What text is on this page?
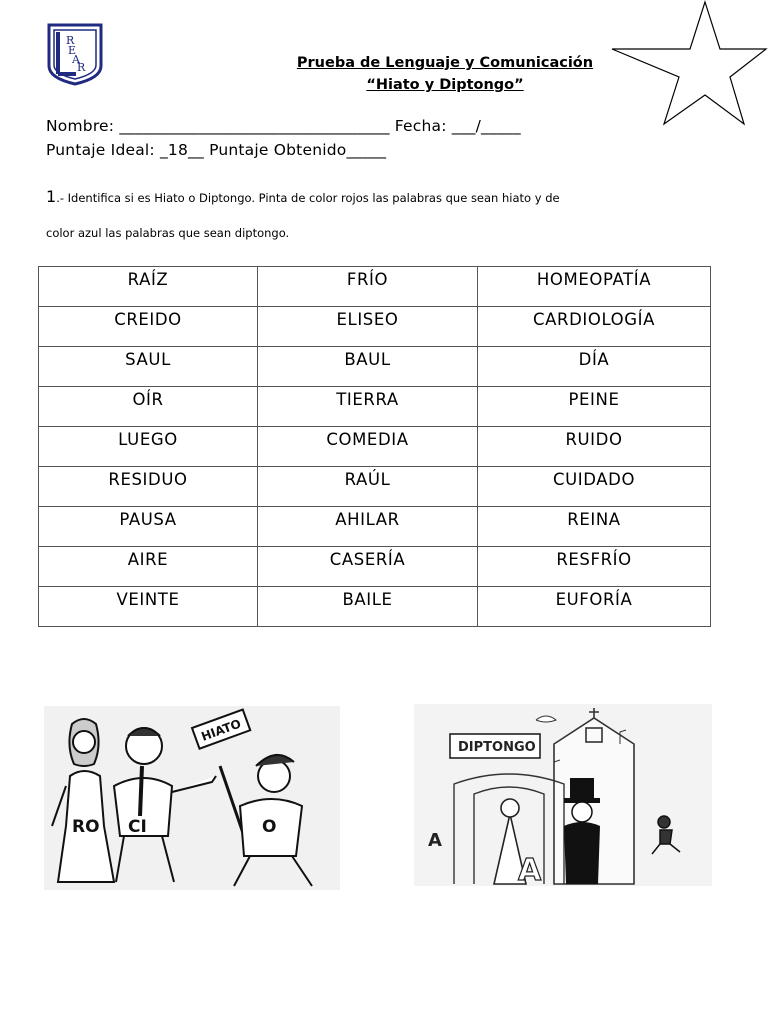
R
E
A
R	Prueba de Lenguaje y Comunicación
“Hiato y Diptongo”
Nombre: __________________________________ Fecha: ___/_____
Puntaje Ideal: _18__ Puntaje Obtenido_____
1.- Identifica si es Hiato o Diptongo. Pinta de color rojos las palabras que sean hiato y de
color azul las palabras que sean diptongo.
RAÍZ	FRÍO	HOMEOPATÍA
CREIDO	ELISEO	CARDIOLOGÍA
SAUL	BAUL	DÍA
OÍR	TIERRA	PEINE
LUEGO	COMEDIA	RUIDO
RESIDUO	RAÚL	CUIDADO
PAUSA	AHILAR	REINA
AIRE	CASERÍA	RESFRÍO
VEINTE	BAILE	EUFORÍA
HIATO
RO CI	O
DIPTONGO
A
A
